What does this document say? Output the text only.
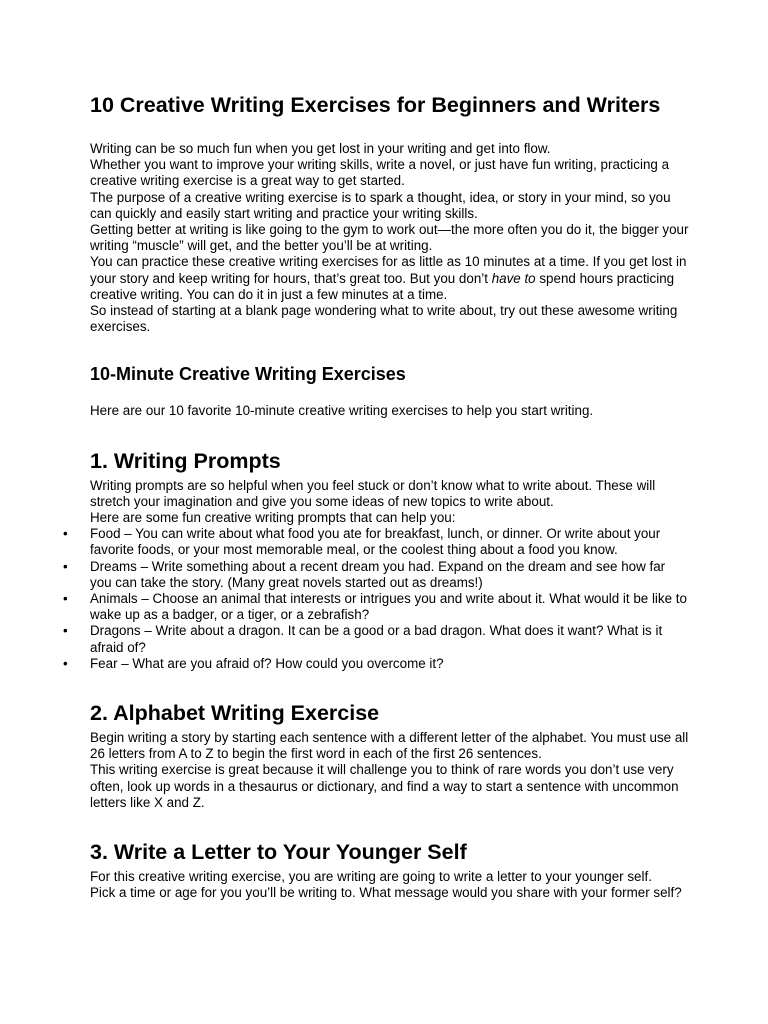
10 Creative Writing Exercises for Beginners and Writers

Writing can be so much fun when you get lost in your writing and get into flow.

Whether you want to improve your writing skills, write a novel, or just have fun writing, practicing a creative writing exercise is a great way to get started.

The purpose of a creative writing exercise is to spark a thought, idea, or story in your mind, so you can quickly and easily start writing and practice your writing skills.

Getting better at writing is like going to the gym to work out—the more often you do it, the bigger your writing “muscle” will get, and the better you’ll be at writing.

You can practice these creative writing exercises for as little as 10 minutes at a time. If you get lost in your story and keep writing for hours, that’s great too. But you don’t have to spend hours practicing creative writing. You can do it in just a few minutes at a time.

So instead of starting at a blank page wondering what to write about, try out these awesome writing exercises.

10-Minute Creative Writing Exercises

Here are our 10 favorite 10-minute creative writing exercises to help you start writing.

1. Writing Prompts

Writing prompts are so helpful when you feel stuck or don’t know what to write about. These will stretch your imagination and give you some ideas of new topics to write about.

Here are some fun creative writing prompts that can help you:

• Food – You can write about what food you ate for breakfast, lunch, or dinner. Or write about your favorite foods, or your most memorable meal, or the coolest thing about a food you know.
• Dreams – Write something about a recent dream you had. Expand on the dream and see how far you can take the story. (Many great novels started out as dreams!)
• Animals – Choose an animal that interests or intrigues you and write about it. What would it be like to wake up as a badger, or a tiger, or a zebrafish?
• Dragons – Write about a dragon. It can be a good or a bad dragon. What does it want? What is it afraid of?
• Fear – What are you afraid of? How could you overcome it?
2. Alphabet Writing Exercise

Begin writing a story by starting each sentence with a different letter of the alphabet. You must use all 26 letters from A to Z to begin the first word in each of the first 26 sentences.

This writing exercise is great because it will challenge you to think of rare words you don’t use very often, look up words in a thesaurus or dictionary, and find a way to start a sentence with uncommon letters like X and Z.

3. Write a Letter to Your Younger Self

For this creative writing exercise, you are writing are going to write a letter to your younger self.

Pick a time or age for you you’ll be writing to. What message would you share with your former self?
